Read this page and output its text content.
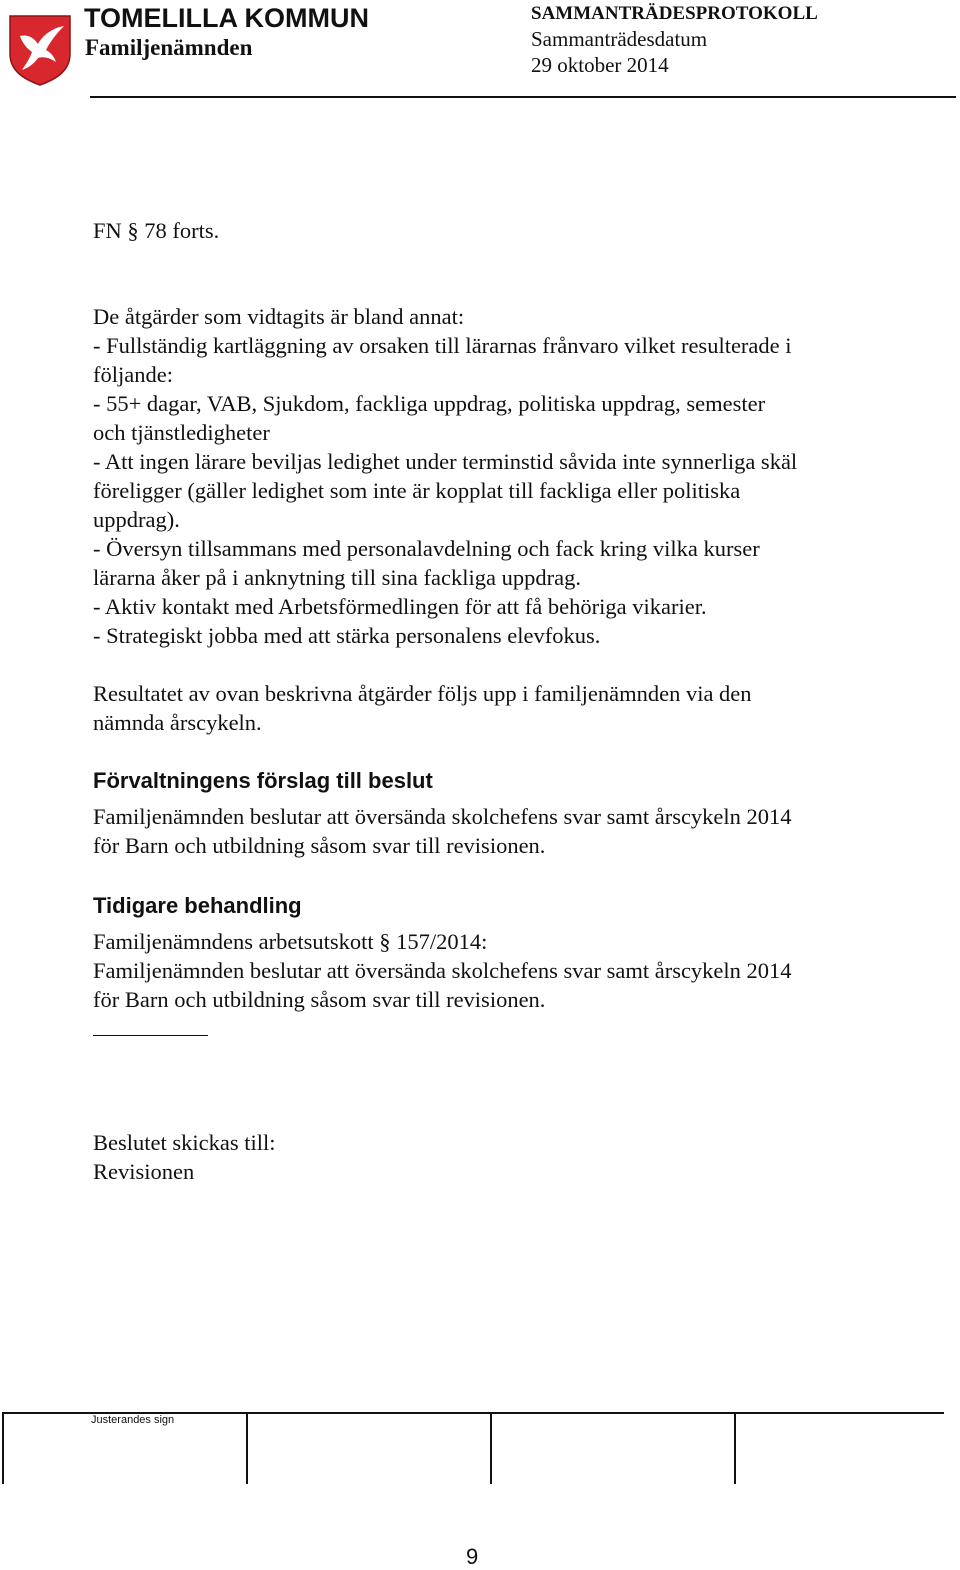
TOMELILLA KOMMUN
Familjenämnden
SAMMANTRÄDESPROTOKOLL
Sammanträdesdatum
29 oktober 2014
FN § 78 forts.
De åtgärder som vidtagits är bland annat:
- Fullständig kartläggning av orsaken till lärarnas frånvaro vilket resulterade i
följande:
- 55+ dagar, VAB, Sjukdom, fackliga uppdrag, politiska uppdrag, semester
och tjänstledigheter
- Att ingen lärare beviljas ledighet under terminstid såvida inte synnerliga skäl
föreligger (gäller ledighet som inte är kopplat till fackliga eller politiska
uppdrag).
- Översyn tillsammans med personalavdelning och fack kring vilka kurser
lärarna åker på i anknytning till sina fackliga uppdrag.
- Aktiv kontakt med Arbetsförmedlingen för att få behöriga vikarier.
- Strategiskt jobba med att stärka personalens elevfokus.
Resultatet av ovan beskrivna åtgärder följs upp i familjenämnden via den
nämnda årscykeln.
Förvaltningens förslag till beslut
Familjenämnden beslutar att översända skolchefens svar samt årscykeln 2014
för Barn och utbildning såsom svar till revisionen.
Tidigare behandling
Familjenämndens arbetsutskott § 157/2014:
Familjenämnden beslutar att översända skolchefens svar samt årscykeln 2014
för Barn och utbildning såsom svar till revisionen.
Beslutet skickas till:
Revisionen
Justerandes sign
9
